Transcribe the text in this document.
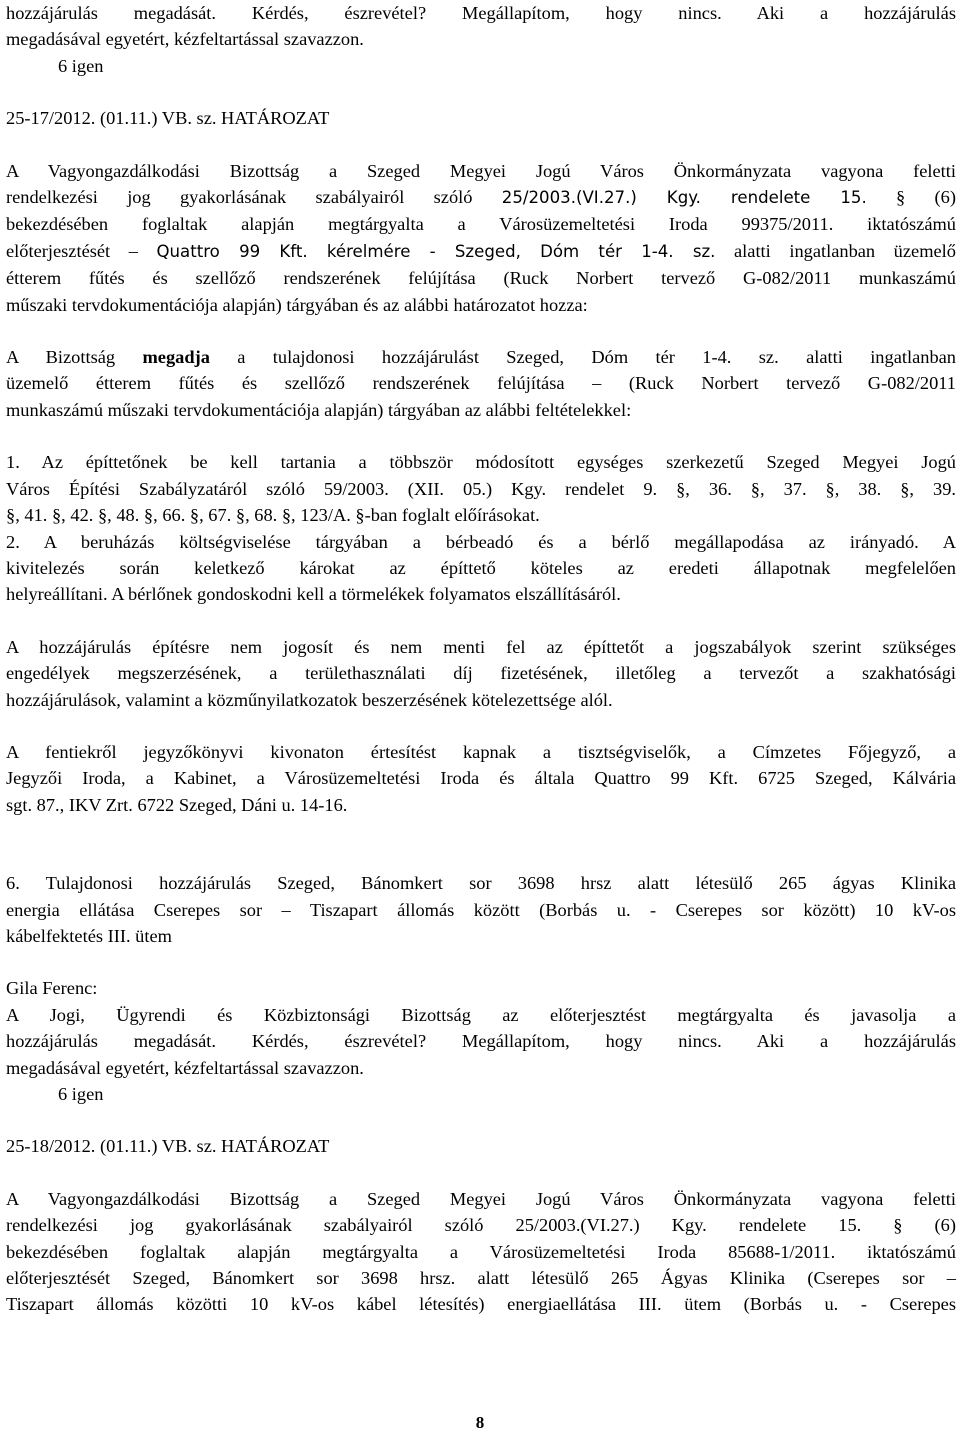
hozzájárulás megadását. Kérdés, észrevétel? Megállapítom, hogy nincs. Aki a hozzájárulás

megadásával egyetért, kézfeltartással szavazzon.

6 igen

25-17/2012. (01.11.) VB. sz. HATÁROZAT

A Vagyongazdálkodási Bizottság a Szeged Megyei Jogú Város Önkormányzata vagyona feletti

rendelkezési jog gyakorlásának szabályairól szóló 25/2003.(VI.27.) Kgy. rendelete 15. § (6)

bekezdésében foglaltak alapján megtárgyalta a Városüzemeltetési Iroda 99375/2011. iktatószámú

előterjesztését – Quattro 99 Kft. kérelmére - Szeged, Dóm tér 1-4. sz. alatti ingatlanban üzemelő

étterem fűtés és szellőző rendszerének felújítása (Ruck Norbert tervező G-082/2011 munkaszámú

műszaki tervdokumentációja alapján) tárgyában és az alábbi határozatot hozza:

A Bizottság megadja a tulajdonosi hozzájárulást Szeged, Dóm tér 1-4. sz. alatti ingatlanban

üzemelő étterem fűtés és szellőző rendszerének felújítása – (Ruck Norbert tervező G-082/2011

munkaszámú műszaki tervdokumentációja alapján) tárgyában az alábbi feltételekkel:

1. Az építtetőnek be kell tartania a többször módosított egységes szerkezetű Szeged Megyei Jogú

Város Építési Szabályzatáról szóló 59/2003. (XII. 05.) Kgy. rendelet 9. §, 36. §, 37. §, 38. §, 39.

§, 41. §, 42. §, 48. §, 66. §, 67. §, 68. §, 123/A. §-ban foglalt előírásokat.

2. A beruházás költségviselése tárgyában a bérbeadó és a bérlő megállapodása az irányadó. A

kivitelezés során keletkező károkat az építtető köteles az eredeti állapotnak megfelelően

helyreállítani. A bérlőnek gondoskodni kell a törmelékek folyamatos elszállításáról.

A hozzájárulás építésre nem jogosít és nem menti fel az építtetőt a jogszabályok szerint szükséges

engedélyek megszerzésének, a területhasználati díj fizetésének, illetőleg a tervezőt a szakhatósági

hozzájárulások, valamint a közműnyilatkozatok beszerzésének kötelezettsége alól.

A fentiekről jegyzőkönyvi kivonaton értesítést kapnak a tisztségviselők, a Címzetes Főjegyző, a

Jegyzői Iroda, a Kabinet, a Városüzemeltetési Iroda és általa Quattro 99 Kft. 6725 Szeged, Kálvária

sgt. 87., IKV Zrt. 6722 Szeged, Dáni u. 14-16.

6. Tulajdonosi hozzájárulás Szeged, Bánomkert sor 3698 hrsz alatt létesülő 265 ágyas Klinika

energia ellátása Cserepes sor – Tiszapart állomás között (Borbás u. - Cserepes sor között) 10 kV-os

kábelfektetés III. ütem

Gila Ferenc:

A Jogi, Ügyrendi és Közbiztonsági Bizottság az előterjesztést megtárgyalta és javasolja a

hozzájárulás megadását. Kérdés, észrevétel? Megállapítom, hogy nincs. Aki a hozzájárulás

megadásával egyetért, kézfeltartással szavazzon.

6 igen

25-18/2012. (01.11.) VB. sz. HATÁROZAT

A Vagyongazdálkodási Bizottság a Szeged Megyei Jogú Város Önkormányzata vagyona feletti

rendelkezési jog gyakorlásának szabályairól szóló 25/2003.(VI.27.) Kgy. rendelete 15. § (6)

bekezdésében foglaltak alapján megtárgyalta a Városüzemeltetési Iroda 85688-1/2011. iktatószámú

előterjesztését Szeged, Bánomkert sor 3698 hrsz. alatt létesülő 265 Ágyas Klinika (Cserepes sor –

Tiszapart állomás közötti 10 kV-os kábel létesítés) energiaellátása III. ütem (Borbás u. - Cserepes

8
